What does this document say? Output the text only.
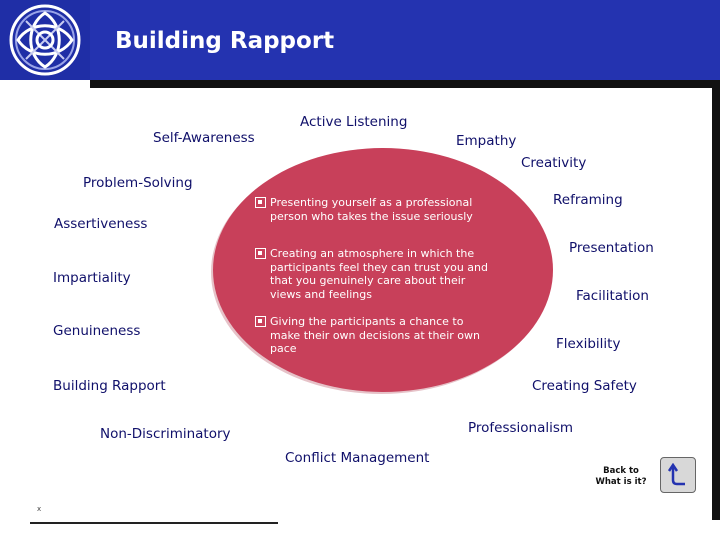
Building Rapport
Presenting yourself as a professional person who takes the issue seriously
Creating an atmosphere in which the participants feel they can trust you and that you genuinely care about their views and feelings
Giving the participants a chance to make their own decisions at their own pace
Active Listening
Self-Awareness	Empathy
Creativity
Problem-Solving
Reframing
Assertiveness
Presentation
Impartiality
Facilitation
Genuineness
Flexibility
Building Rapport	Creating Safety
Non-Discriminatory	Professionalism
Conflict Management
Back to
What is it?
x
